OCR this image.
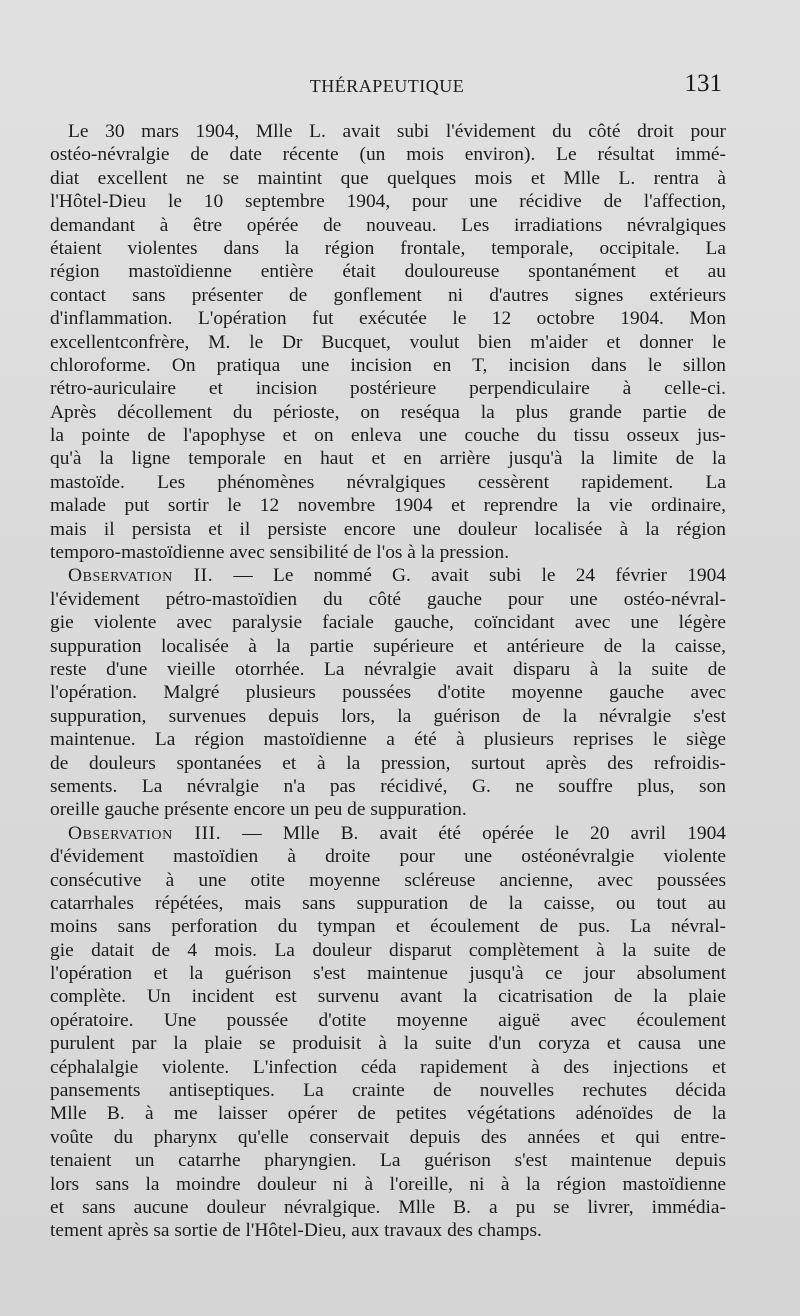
THÉRAPEUTIQUE	131
Le 30 mars 1904, Mlle L. avait subi l'évidement du côté droit pour
ostéo-névralgie de date récente (un mois environ). Le résultat immé-
diat excellent ne se maintint que quelques mois et Mlle L. rentra à
l'Hôtel-Dieu le 10 septembre 1904, pour une récidive de l'affection,
demandant à être opérée de nouveau. Les irradiations névralgiques
étaient violentes dans la région frontale, temporale, occipitale. La
région mastoïdienne entière était douloureuse spontanément et au
contact sans présenter de gonflement ni d'autres signes extérieurs
d'inflammation. L'opération fut exécutée le 12 octobre 1904. Mon
excellentconfrère, M. le Dr Bucquet, voulut bien m'aider et donner le
chloroforme. On pratiqua une incision en T, incision dans le sillon
rétro-auriculaire et incision postérieure perpendiculaire à celle-ci.
Après décollement du périoste, on reséqua la plus grande partie de
la pointe de l'apophyse et on enleva une couche du tissu osseux jus-
qu'à la ligne temporale en haut et en arrière jusqu'à la limite de la
mastoïde. Les phénomènes névralgiques cessèrent rapidement. La
malade put sortir le 12 novembre 1904 et reprendre la vie ordinaire,
mais il persista et il persiste encore une douleur localisée à la région
temporo-mastoïdienne avec sensibilité de l'os à la pression.
Observation II. — Le nommé G. avait subi le 24 février 1904
l'évidement pétro-mastoïdien du côté gauche pour une ostéo-névral-
gie violente avec paralysie faciale gauche, coïncidant avec une légère
suppuration localisée à la partie supérieure et antérieure de la caisse,
reste d'une vieille otorrhée. La névralgie avait disparu à la suite de
l'opération. Malgré plusieurs poussées d'otite moyenne gauche avec
suppuration, survenues depuis lors, la guérison de la névralgie s'est
maintenue. La région mastoïdienne a été à plusieurs reprises le siège
de douleurs spontanées et à la pression, surtout après des refroidis-
sements. La névralgie n'a pas récidivé, G. ne souffre plus, son
oreille gauche présente encore un peu de suppuration.
Observation III. — Mlle B. avait été opérée le 20 avril 1904
d'évidement mastoïdien à droite pour une ostéonévralgie violente
consécutive à une otite moyenne scléreuse ancienne, avec poussées
catarrhales répétées, mais sans suppuration de la caisse, ou tout au
moins sans perforation du tympan et écoulement de pus. La névral-
gie datait de 4 mois. La douleur disparut complètement à la suite de
l'opération et la guérison s'est maintenue jusqu'à ce jour absolument
complète. Un incident est survenu avant la cicatrisation de la plaie
opératoire. Une poussée d'otite moyenne aiguë avec écoulement
purulent par la plaie se produisit à la suite d'un coryza et causa une
céphalalgie violente. L'infection céda rapidement à des injections et
pansements antiseptiques. La crainte de nouvelles rechutes décida
Mlle B. à me laisser opérer de petites végétations adénoïdes de la
voûte du pharynx qu'elle conservait depuis des années et qui entre-
tenaient un catarrhe pharyngien. La guérison s'est maintenue depuis
lors sans la moindre douleur ni à l'oreille, ni à la région mastoïdienne
et sans aucune douleur névralgique. Mlle B. a pu se livrer, immédia-
tement après sa sortie de l'Hôtel-Dieu, aux travaux des champs.
